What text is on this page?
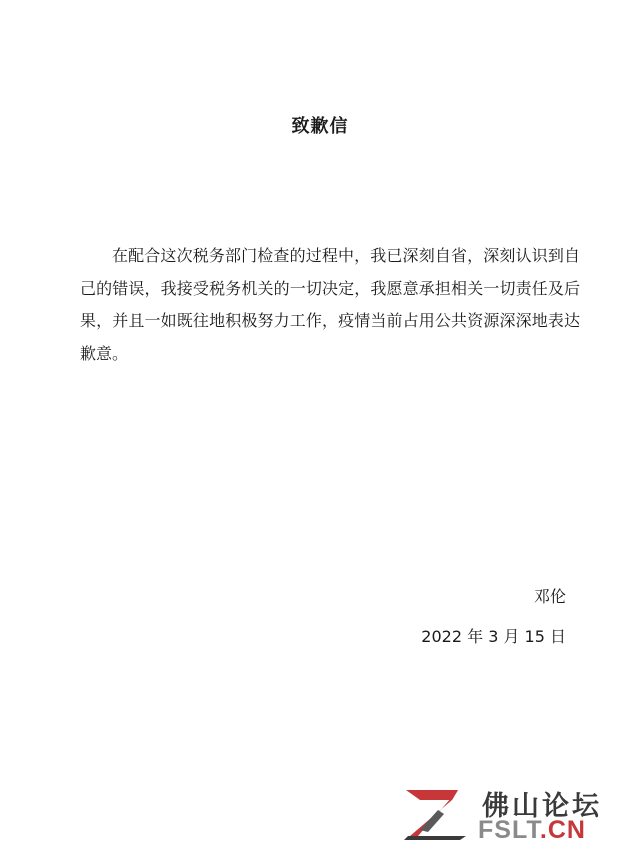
致歉信

在配合这次税务部门检查的过程中，我已深刻自省，深刻认识到自己的错误，我接受税务机关的一切决定，我愿意承担相关一切责任及后果，并且一如既往地积极努力工作，疫情当前占用公共资源深深地表达歉意。

邓伦
2022 年 3 月 15 日
佛山论坛
FSLT.CN
